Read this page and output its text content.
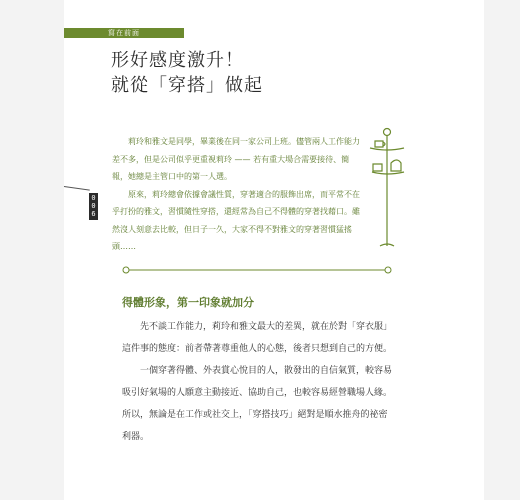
寫在前面
形好感度激升！
就從「穿搭」做起
0
0
6

莉玲和雅文是同學，畢業後在同一家公司上班。儘管兩人工作能力差不多，但是公司似乎更重視莉玲 —— 若有重大場合需要接待、簡報，她總是主管口中的第一人選。

原來，莉玲總會依據會議性質，穿著適合的服飾出席，而平常不在乎打扮的雅文，習慣隨性穿搭，還經常為自己不得體的穿著找藉口。雖然沒人刻意去比較，但日子一久，大家不得不對雅文的穿著習慣猛搖頭……

得體形象，第一印象就加分

先不談工作能力，莉玲和雅文最大的差異，就在於對「穿衣服」這件事的態度：前者帶著尊重他人的心態，後者只想到自己的方便。

一個穿著得體、外表賞心悅目的人，散發出的自信氣質，較容易吸引好氣場的人願意主動接近、協助自己，也較容易經營職場人緣。所以，無論是在工作或社交上，「穿搭技巧」絕對是順水推舟的祕密利器。
